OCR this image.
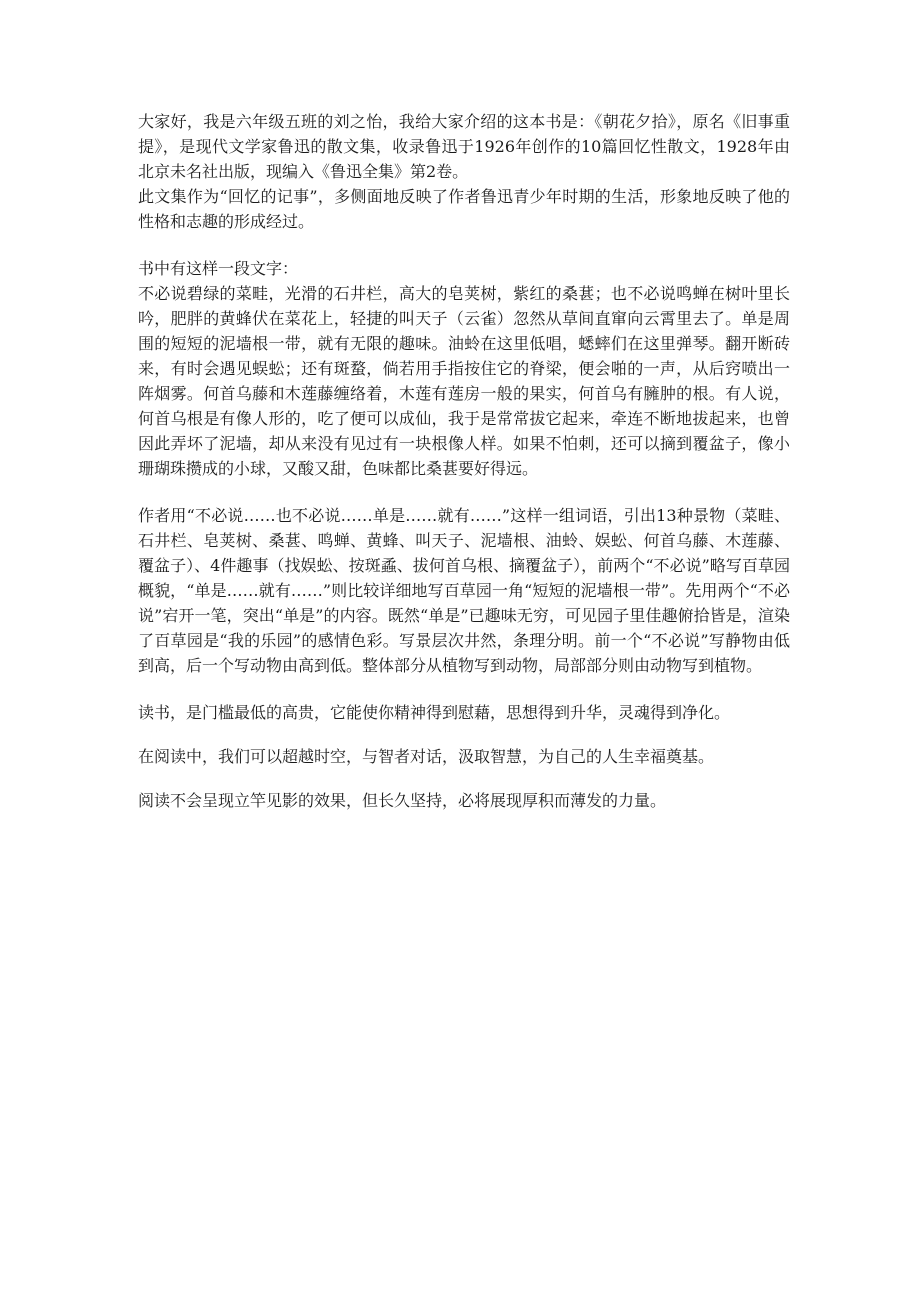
大家好，我是六年级五班的刘之怡，我给大家介绍的这本书是：《朝花夕拾》，原名《旧事重提》，是现代文学家鲁迅的散文集，收录鲁迅于1926年创作的10篇回忆性散文，1928年由北京未名社出版，现编入《鲁迅全集》第2卷。

此文集作为“回忆的记事”，多侧面地反映了作者鲁迅青少年时期的生活，形象地反映了他的性格和志趣的形成经过。

书中有这样一段文字：

不必说碧绿的菜畦，光滑的石井栏，高大的皂荚树，紫红的桑葚；也不必说鸣蝉在树叶里长吟，肥胖的黄蜂伏在菜花上，轻捷的叫天子（云雀）忽然从草间直窜向云霄里去了。单是周围的短短的泥墙根一带，就有无限的趣味。油蛉在这里低唱，蟋蟀们在这里弹琴。翻开断砖来，有时会遇见蜈蚣；还有斑蝥，倘若用手指按住它的脊梁，便会啪的一声，从后窍喷出一阵烟雾。何首乌藤和木莲藤缠络着，木莲有莲房一般的果实，何首乌有臃肿的根。有人说，何首乌根是有像人形的，吃了便可以成仙，我于是常常拔它起来，牵连不断地拔起来，也曾因此弄坏了泥墙，却从来没有见过有一块根像人样。如果不怕刺，还可以摘到覆盆子，像小珊瑚珠攒成的小球，又酸又甜，色味都比桑葚要好得远。

作者用“不必说……也不必说……单是……就有……”这样一组词语，引出13种景物（菜畦、石井栏、皂荚树、桑葚、鸣蝉、黄蜂、叫天子、泥墙根、油蛉、娱蚣、何首乌藤、木莲藤、覆盆子）、4件趣事（找娱蚣、按斑蟊、拔何首乌根、摘覆盆子），前两个“不必说”略写百草园概貌，“单是……就有……”则比较详细地写百草园一角“短短的泥墙根一带”。先用两个“不必说”宕开一笔，突出“单是”的内容。既然“单是”已趣味无穷，可见园子里佳趣俯拾皆是，渲染了百草园是“我的乐园”的感情色彩。写景层次井然，条理分明。前一个“不必说”写静物由低到高，后一个写动物由高到低。整体部分从植物写到动物，局部部分则由动物写到植物。

读书，是门槛最低的高贵，它能使你精神得到慰藉，思想得到升华，灵魂得到净化。

在阅读中，我们可以超越时空，与智者对话，汲取智慧，为自己的人生幸福奠基。

阅读不会呈现立竿见影的效果，但长久坚持，必将展现厚积而薄发的力量。
